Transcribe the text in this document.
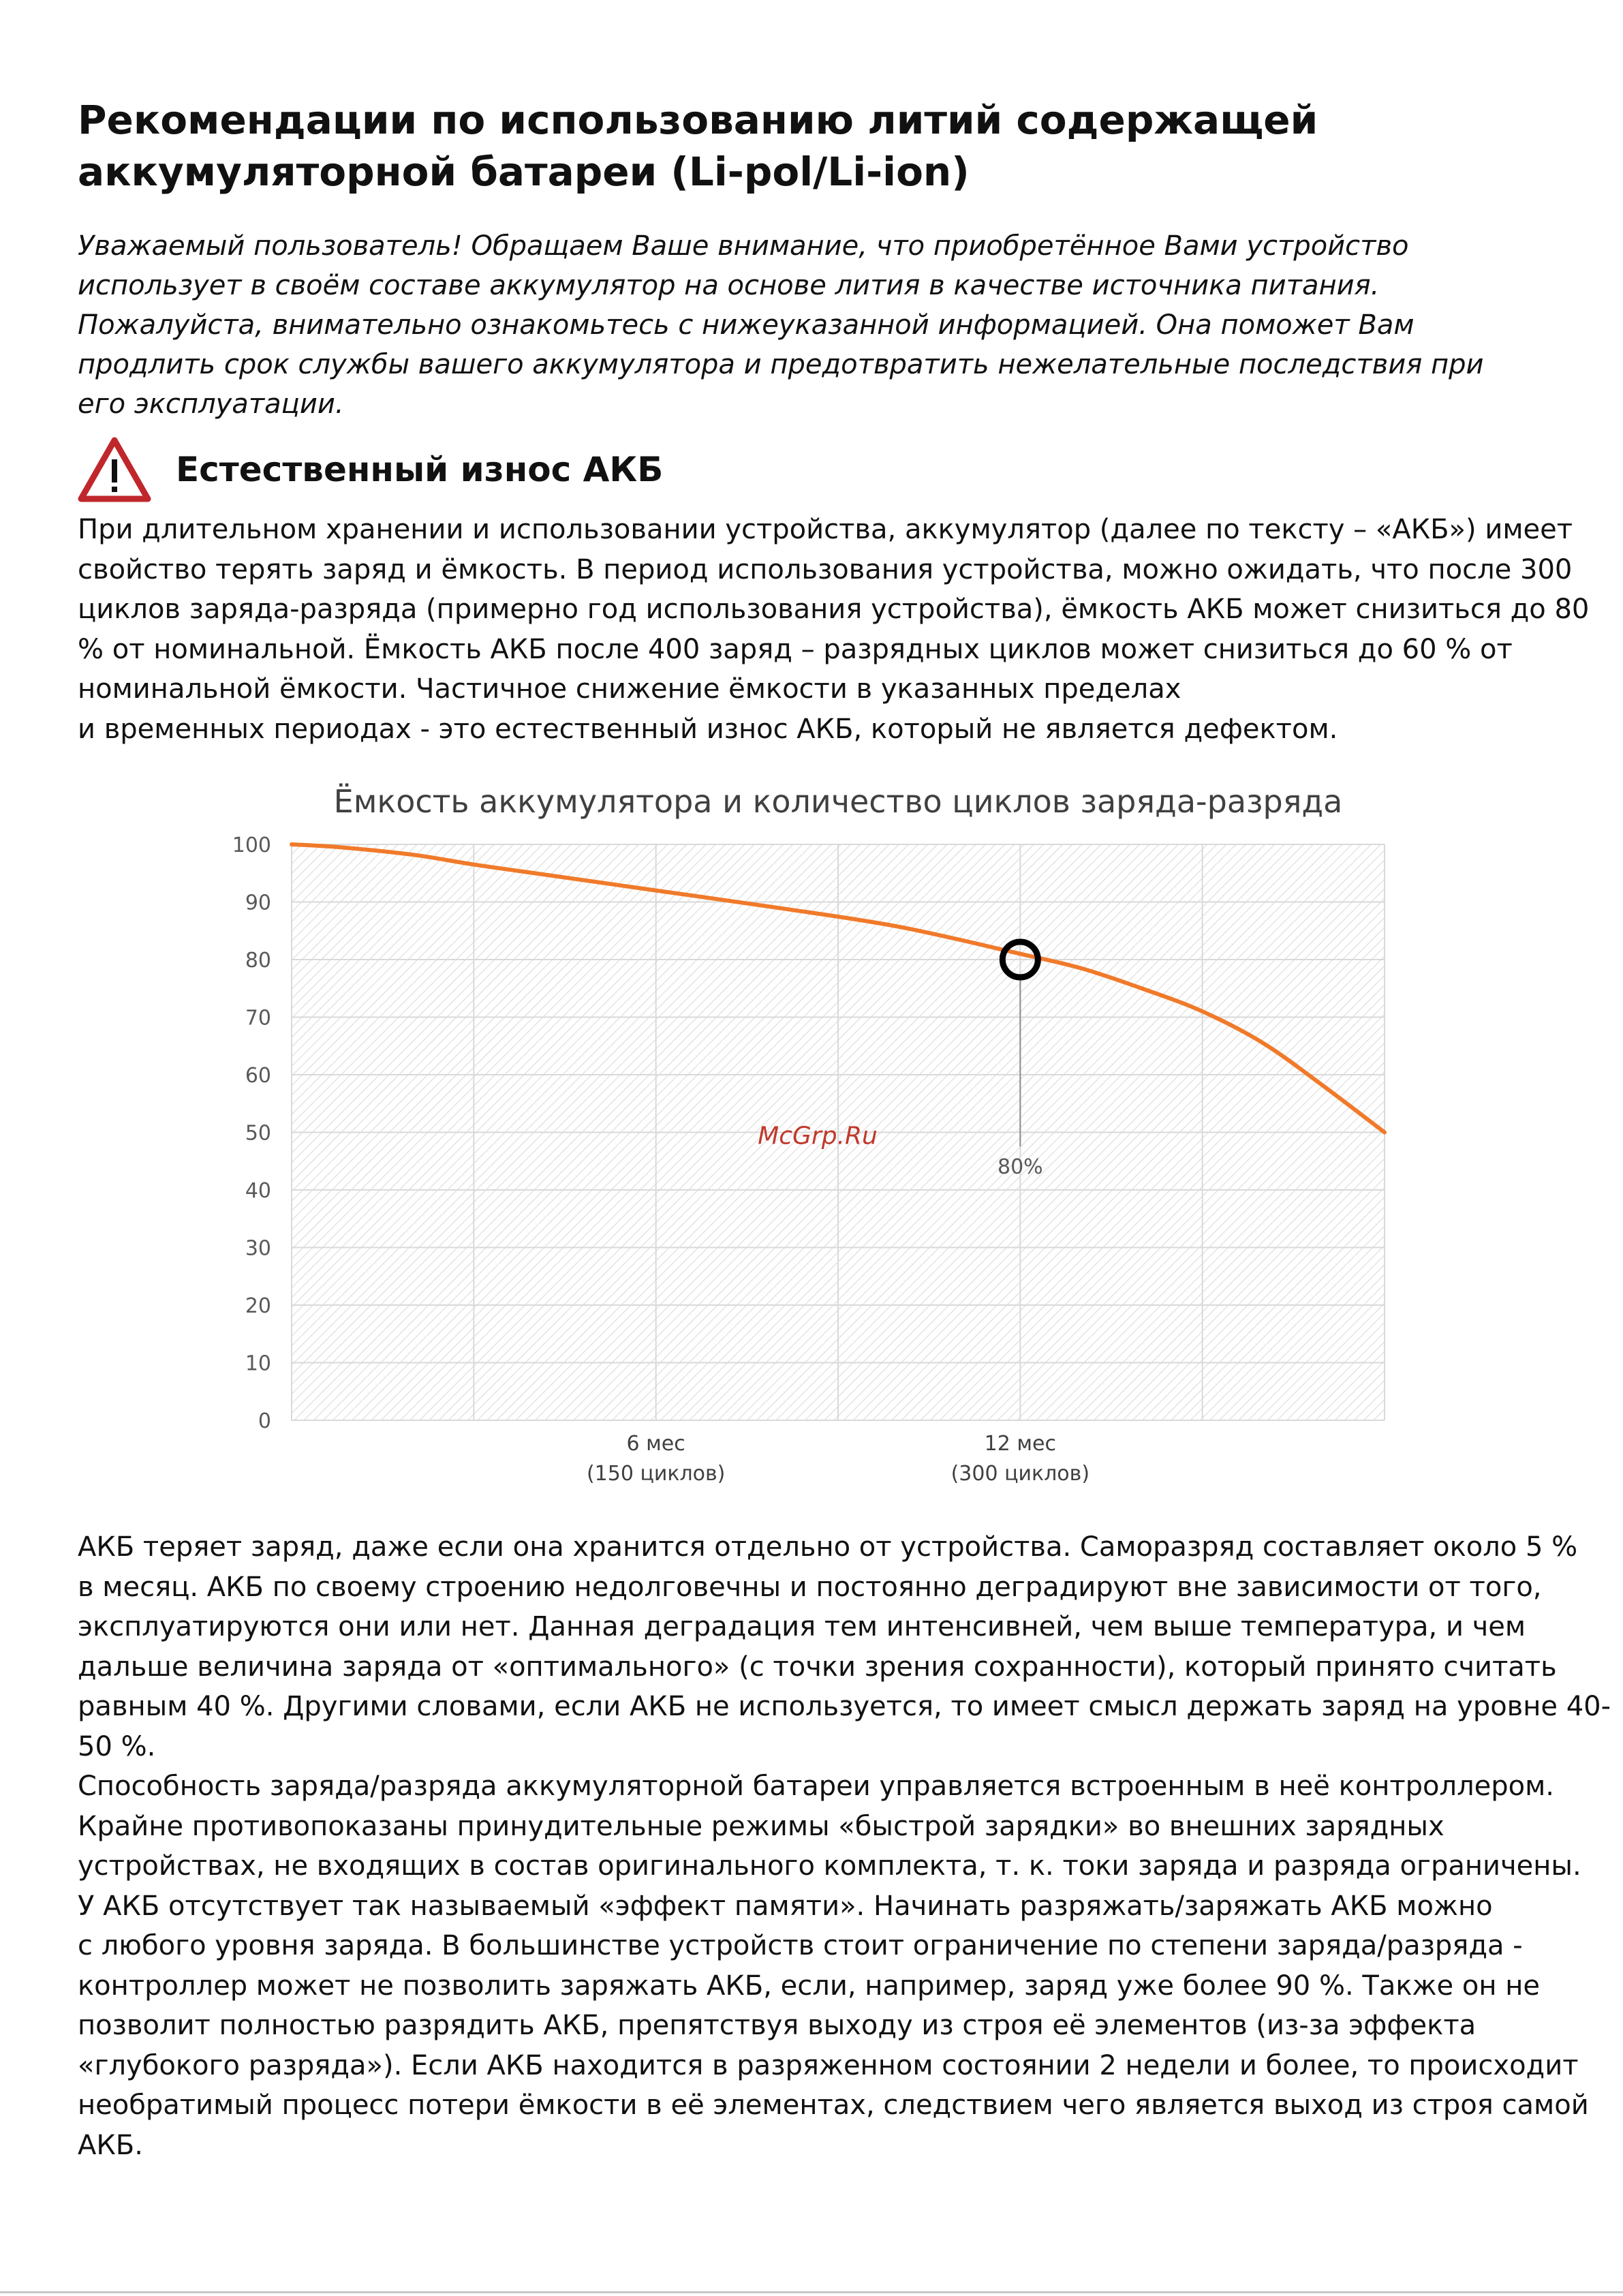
Рекомендации по использованию литий содержащей
аккумуляторной батареи (Li-pol/Li-ion)

Уважаемый пользователь! Обращаем Ваше внимание, что приобретённое Вами устройство
использует в своём составе аккумулятор на основе лития в качестве источника питания.
Пожалуйста, внимательно ознакомьтесь с нижеуказанной информацией. Она поможет Вам
продлить срок службы вашего аккумулятора и предотвратить нежелательные последствия при
его эксплуатации.

Естественный износ АКБ

При длительном хранении и использовании устройства, аккумулятор (далее по тексту – «АКБ») имеет
свойство терять заряд и ёмкость. В период использования устройства, можно ожидать, что после 300
циклов заряда-разряда (примерно год использования устройства), ёмкость АКБ может снизиться до 80
% от номинальной. Ёмкость АКБ после 400 заряд – разрядных циклов может снизиться до 60 % от
номинальной ёмкости. Частичное снижение ёмкости в указанных пределах
и временных периодах - это естественный износ АКБ, который не является дефектом.

Ёмкость аккумулятора и количество циклов заряда-разряда
0
10
20
30
40
50
60
70
80
90
100
6 мес
(150 циклов)
12 мес
(300 циклов)
McGrp.Ru
80%

АКБ теряет заряд, даже если она хранится отдельно от устройства. Саморазряд составляет около 5 %
в месяц. АКБ по своему строению недолговечны и постоянно деградируют вне зависимости от того,
эксплуатируются они или нет. Данная деградация тем интенсивней, чем выше температура, и чем
дальше величина заряда от «оптимального» (с точки зрения сохранности), который принято считать
равным 40 %. Другими словами, если АКБ не используется, то имеет смысл держать заряд на уровне 40-
50 %.
Способность заряда/разряда аккумуляторной батареи управляется встроенным в неё контроллером.
Крайне противопоказаны принудительные режимы «быстрой зарядки» во внешних зарядных
устройствах, не входящих в состав оригинального комплекта, т. к. токи заряда и разряда ограничены.
У АКБ отсутствует так называемый «эффект памяти». Начинать разряжать/заряжать АКБ можно
с любого уровня заряда. В большинстве устройств стоит ограничение по степени заряда/разряда -
контроллер может не позволить заряжать АКБ, если, например, заряд уже более 90 %. Также он не
позволит полностью разрядить АКБ, препятствуя выходу из строя её элементов (из-за эффекта
«глубокого разряда»). Если АКБ находится в разряженном состоянии 2 недели и более, то происходит
необратимый процесс потери ёмкости в её элементах, следствием чего является выход из строя самой
АКБ.
